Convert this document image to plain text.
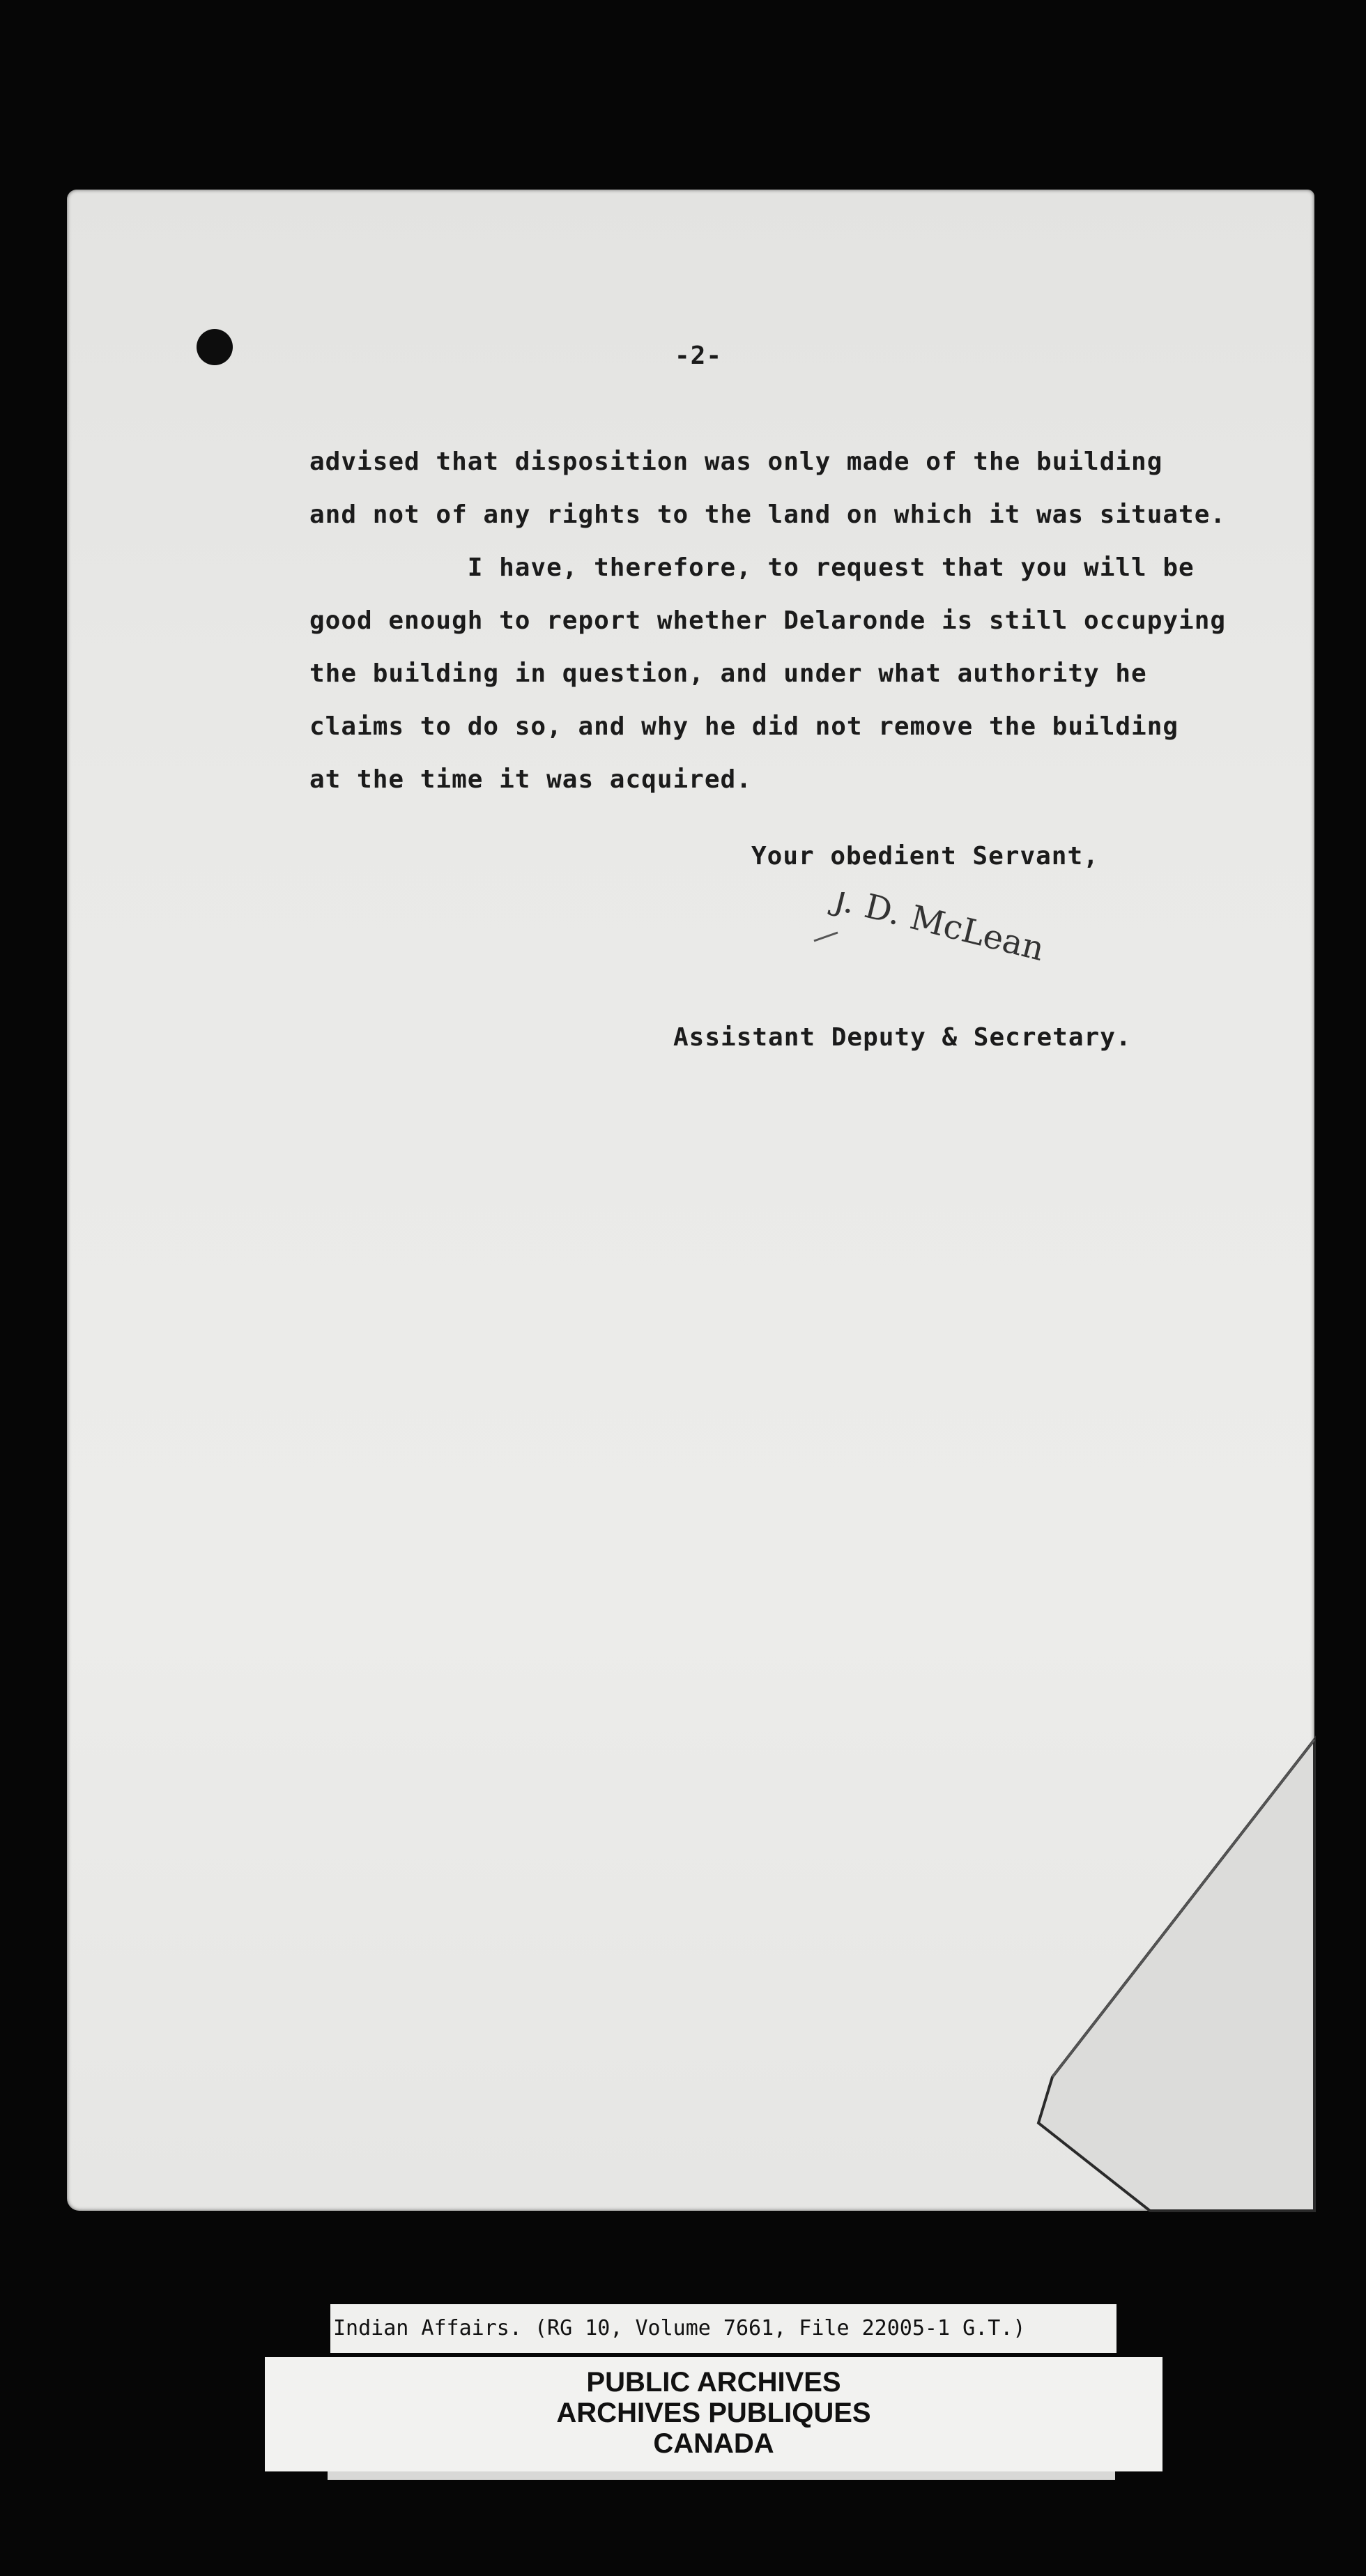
-2-
advised that disposition was only made of the building
and not of any rights to the land on which it was situate.
I have, therefore, to request that you will be
good enough to report whether Delaronde is still occupying
the building in question, and under what authority he
claims to do so, and why he did not remove the building
at the time it was acquired.
Your obedient Servant,
J. D. McLean
Assistant Deputy & Secretary.
Indian Affairs. (RG 10, Volume 7661, File 22005-1 G.T.)
PUBLIC ARCHIVES
ARCHIVES PUBLIQUES
CANADA
